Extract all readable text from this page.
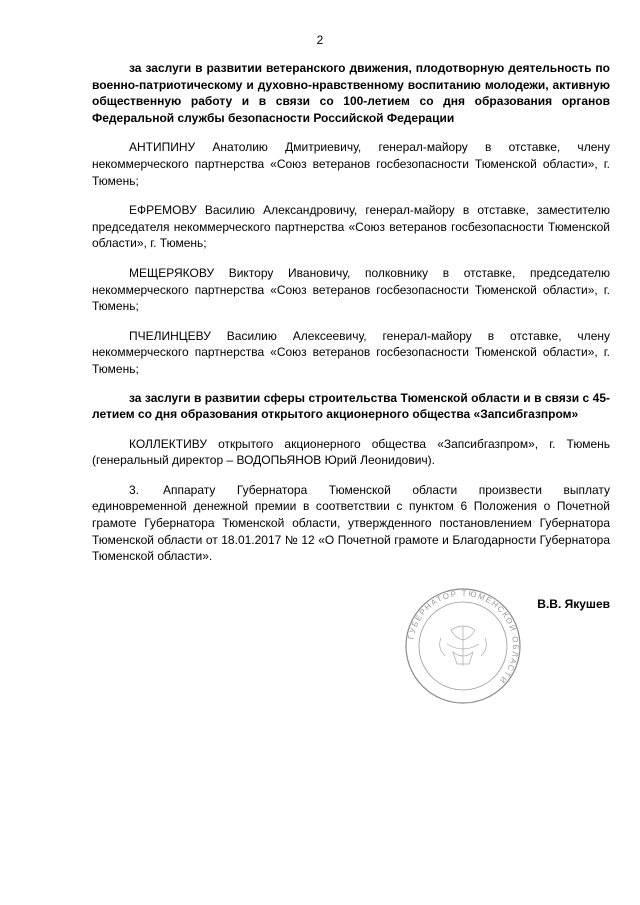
2

за заслуги в развитии ветеранского движения, плодотворную деятельность по военно-патриотическому и духовно-нравственному воспитанию молодежи, активную общественную работу и в связи со 100-летием со дня образования органов Федеральной службы безопасности Российской Федерации

АНТИПИНУ Анатолию Дмитриевичу, генерал-майору в отставке, члену некоммерческого партнерства «Союз ветеранов госбезопасности Тюменской области», г. Тюмень;

ЕФРЕМОВУ Василию Александровичу, генерал-майору в отставке, заместителю председателя некоммерческого партнерства «Союз ветеранов госбезопасности Тюменской области», г. Тюмень;

МЕЩЕРЯКОВУ Виктору Ивановичу, полковнику в отставке, председателю некоммерческого партнерства «Союз ветеранов госбезопасности Тюменской области», г. Тюмень;

ПЧЕЛИНЦЕВУ Василию Алексеевичу, генерал-майору в отставке, члену некоммерческого партнерства «Союз ветеранов госбезопасности Тюменской области», г. Тюмень;

за заслуги в развитии сферы строительства Тюменской области и в связи с 45-летием со дня образования открытого акционерного общества «Запсибгазпром»

КОЛЛЕКТИВУ открытого акционерного общества «Запсибгазпром», г. Тюмень (генеральный директор – ВОДОПЬЯНОВ Юрий Леонидович).

3. Аппарату Губернатора Тюменской области произвести выплату единовременной денежной премии в соответствии с пунктом 6 Положения о Почетной грамоте Губернатора Тюменской области, утвержденного постановлением Губернатора Тюменской области от 18.01.2017 № 12 «О Почетной грамоте и Благодарности Губернатора Тюменской области».

ГУБЕРНАТОР ТЮМЕНСКОЙ ОБЛАСТИ
В.В. Якушев
